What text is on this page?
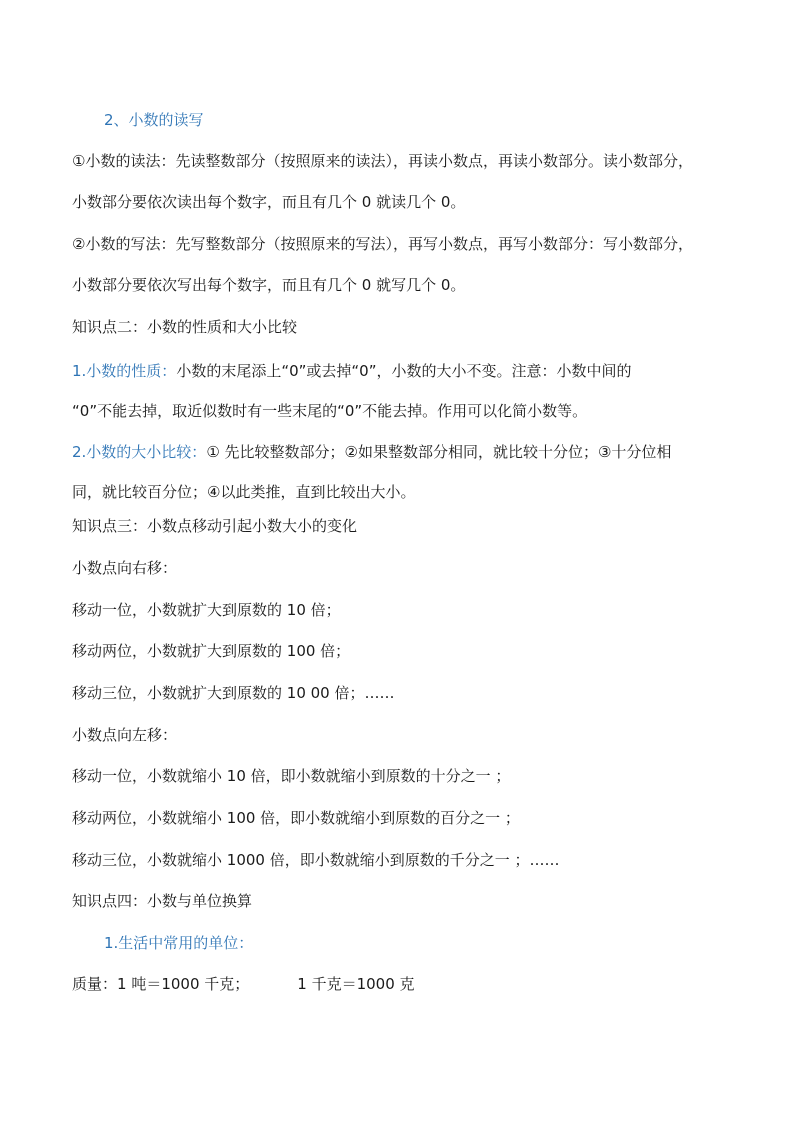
2、小数的读写
①小数的读法：先读整数部分（按照原来的读法），再读小数点，再读小数部分。读小数部分，
小数部分要依次读出每个数字，而且有几个 0 就读几个 0。
②小数的写法：先写整数部分（按照原来的写法），再写小数点，再写小数部分：写小数部分，
小数部分要依次写出每个数字，而且有几个 0 就写几个 0。
知识点二：小数的性质和大小比较
1.小数的性质：小数的末尾添上“0”或去掉“0”，小数的大小不变。注意：小数中间的
“0”不能去掉，取近似数时有一些末尾的“0”不能去掉。作用可以化简小数等。
2.小数的大小比较：① 先比较整数部分；②如果整数部分相同，就比较十分位；③十分位相
同，就比较百分位；④以此类推，直到比较出大小。
知识点三：小数点移动引起小数大小的变化
小数点向右移：
移动一位，小数就扩大到原数的 10 倍；
移动两位，小数就扩大到原数的 100 倍；
移动三位，小数就扩大到原数的 10 00 倍；……
小数点向左移：
移动一位，小数就缩小 10 倍，即小数就缩小到原数的十分之一 ；
移动两位，小数就缩小 100 倍，即小数就缩小到原数的百分之一 ；
移动三位，小数就缩小 1000 倍，即小数就缩小到原数的千分之一 ；……
知识点四：小数与单位换算
1.生活中常用的单位：
质量：1 吨＝1000 千克；	1 千克＝1000 克
